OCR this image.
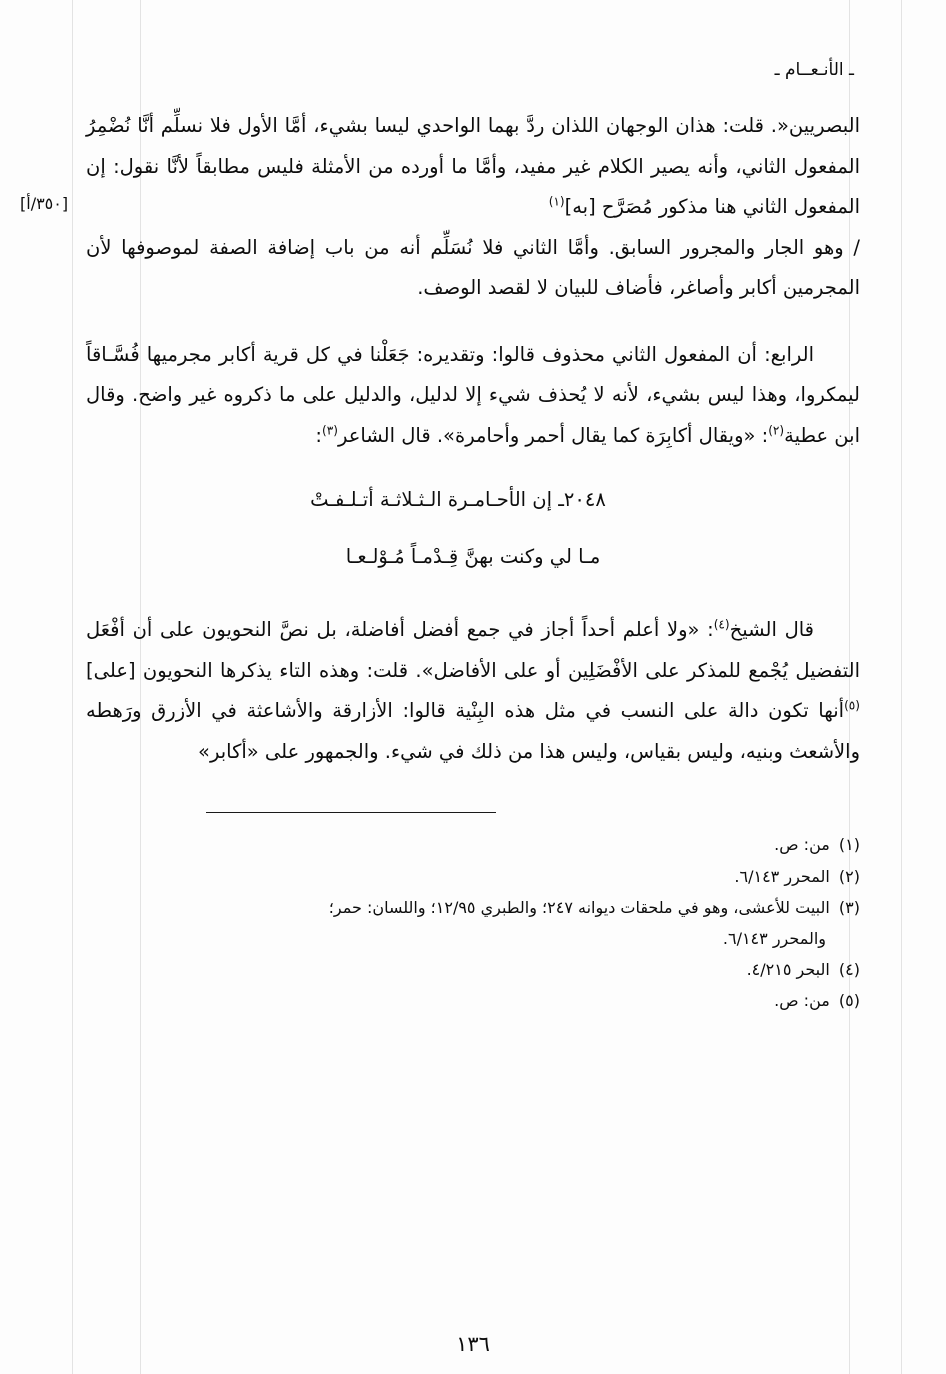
ـ الأنـعــام ـ

البصريين«. قلت: هذان الوجهان اللذان ردَّ بهما الواحدي ليسا بشيء، أمَّا الأول فلا نسلِّم أنَّا نُضْمِرُ المفعول الثاني، وأنه يصير الكلام غير مفيد، وأمَّا ما أورده من الأمثلة فليس مطابقاً لأنَّا نقول: إن المفعول الثاني هنا مذكور مُصَرَّح [به]$^{(١)}$
[٣٥٠/أ]

/ وهو الجار والمجرور السابق. وأمَّا الثاني فلا نُسَلِّم أنه من باب إضافة الصفة لموصوفها لأن المجرمين أكابر وأصاغر، فأضاف للبيان لا لقصد الوصف.

الرابع: أن المفعول الثاني محذوف قالوا: وتقديره: جَعَلْنا في كل قرية أكابر مجرميها فُسَّـاقاً ليمكروا، وهذا ليس بشيء، لأنه لا يُحذف شيء إلا لدليل، والدليل على ما ذكروه غير واضح. وقال ابن عطية$^{(٢)}$: «ويقال أكابِرَة كما يقال أحمر وأحامرة». قال الشاعر$^{(٣)}$:

٢٠٤٨ـ إن الأحـامـرة الـثـلاثـة أتـلـفـتْ
مـا لي وكنت بهنَّ قِـدْمـاً مُـوْلـعـا

قال الشيخ$^{(٤)}$: «ولا أعلم أحداً أجاز في جمع أفضل أفاضلة، بل نصَّ النحويون على أن أفْعَل التفضيل يُجْمع للمذكر على الأفْضَلِين أو على الأفاضل». قلت: وهذه التاء يذكرها النحويون [على]$^{(٥)}$أنها تكون دالة على النسب في مثل هذه البِنْية قالوا: الأزارقة والأشاعثة في الأزرق ورَهطه والأشعث وبنيه، وليس بقياس، وليس هذا من ذلك في شيء. والجمهور على «أكابر»

(١) من: ص.
(٢) المحرر ٦/١٤٣.
(٣) البيت للأعشى، وهو في ملحقات ديوانه ٢٤٧؛ والطبري ١٢/٩٥؛ واللسان: حمر؛
والمحرر ٦/١٤٣.
(٤) البحر ٤/٢١٥.
(٥) من: ص.
١٣٦
